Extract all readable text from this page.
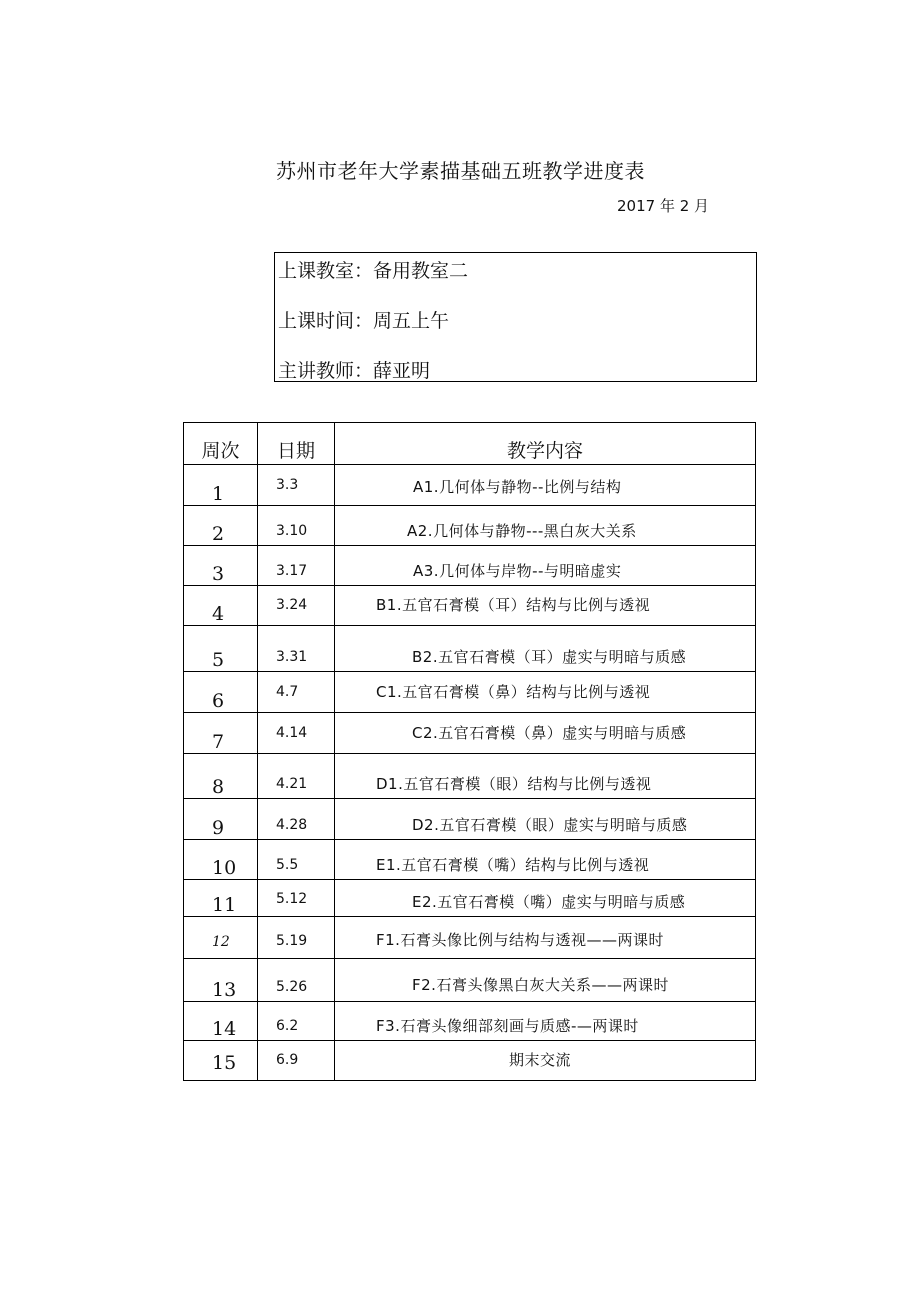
苏州市老年大学素描基础五班教学进度表
2017 年 2 月
上课教室：备用教室二
上课时间：周五上午
主讲教师：薛亚明
周次	日期	教学内容
1	3.3	A1.几何体与静物--比例与结构
2	3.10	A2.几何体与静物---黑白灰大关系
3	3.17	A3.几何体与岸物--与明暗虚实
4	3.24	B1.五官石膏模（耳）结构与比例与透视
5	3.31	B2.五官石膏模（耳）虚实与明暗与质感
6	4.7	C1.五官石膏模（鼻）结构与比例与透视
7	4.14	C2.五官石膏模（鼻）虚实与明暗与质感
8	4.21	D1.五官石膏模（眼）结构与比例与透视
9	4.28	D2.五官石膏模（眼）虚实与明暗与质感
10	5.5	E1.五官石膏模（嘴）结构与比例与透视
11	5.12	E2.五官石膏模（嘴）虚实与明暗与质感
12	5.19	F1.石膏头像比例与结构与透视——两课时
13	5.26	F2.石膏头像黑白灰大关系——两课时
14	6.2	F3.石膏头像细部刻画与质感-—两课时
15	6.9	期末交流
